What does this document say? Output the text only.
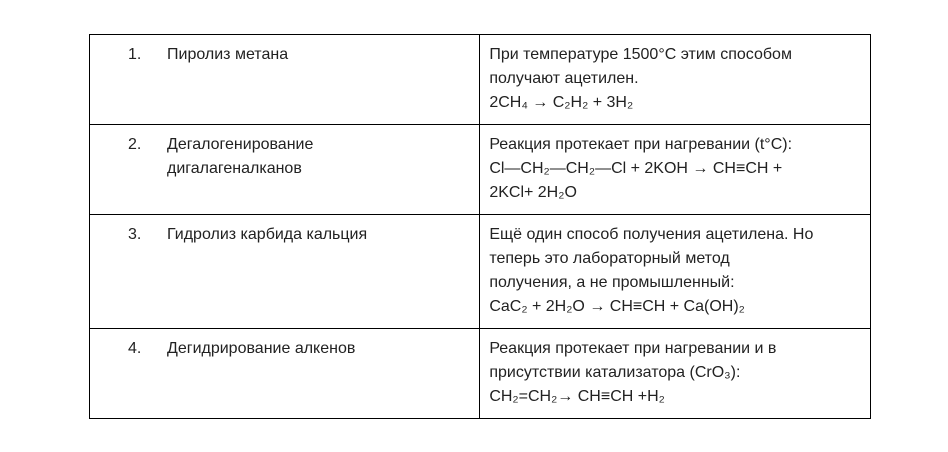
1. Пиролиз метана	При температуре 1500°C этим способом
получают ацетилен.
2CH₄ → C₂H₂ + 3H₂

2. Дегалогенирование
дигалагеналканов	Реакция протекает при нагревании (t°C):
Cl—CH₂—CH₂—Cl + 2KOH → CH≡CH +
2KCl+ 2H₂O

3. Гидролиз карбида кальция	Ещё один способ получения ацетилена. Но
теперь это лабораторный метод
получения, а не промышленный:
CaC₂ + 2H₂O → CH≡CH + Ca(OH)₂

4. Дегидрирование алкенов	Реакция протекает при нагревании и в
присутствии катализатора (CrO₃):
CH₂=CH₂→ CH≡CH +H₂
